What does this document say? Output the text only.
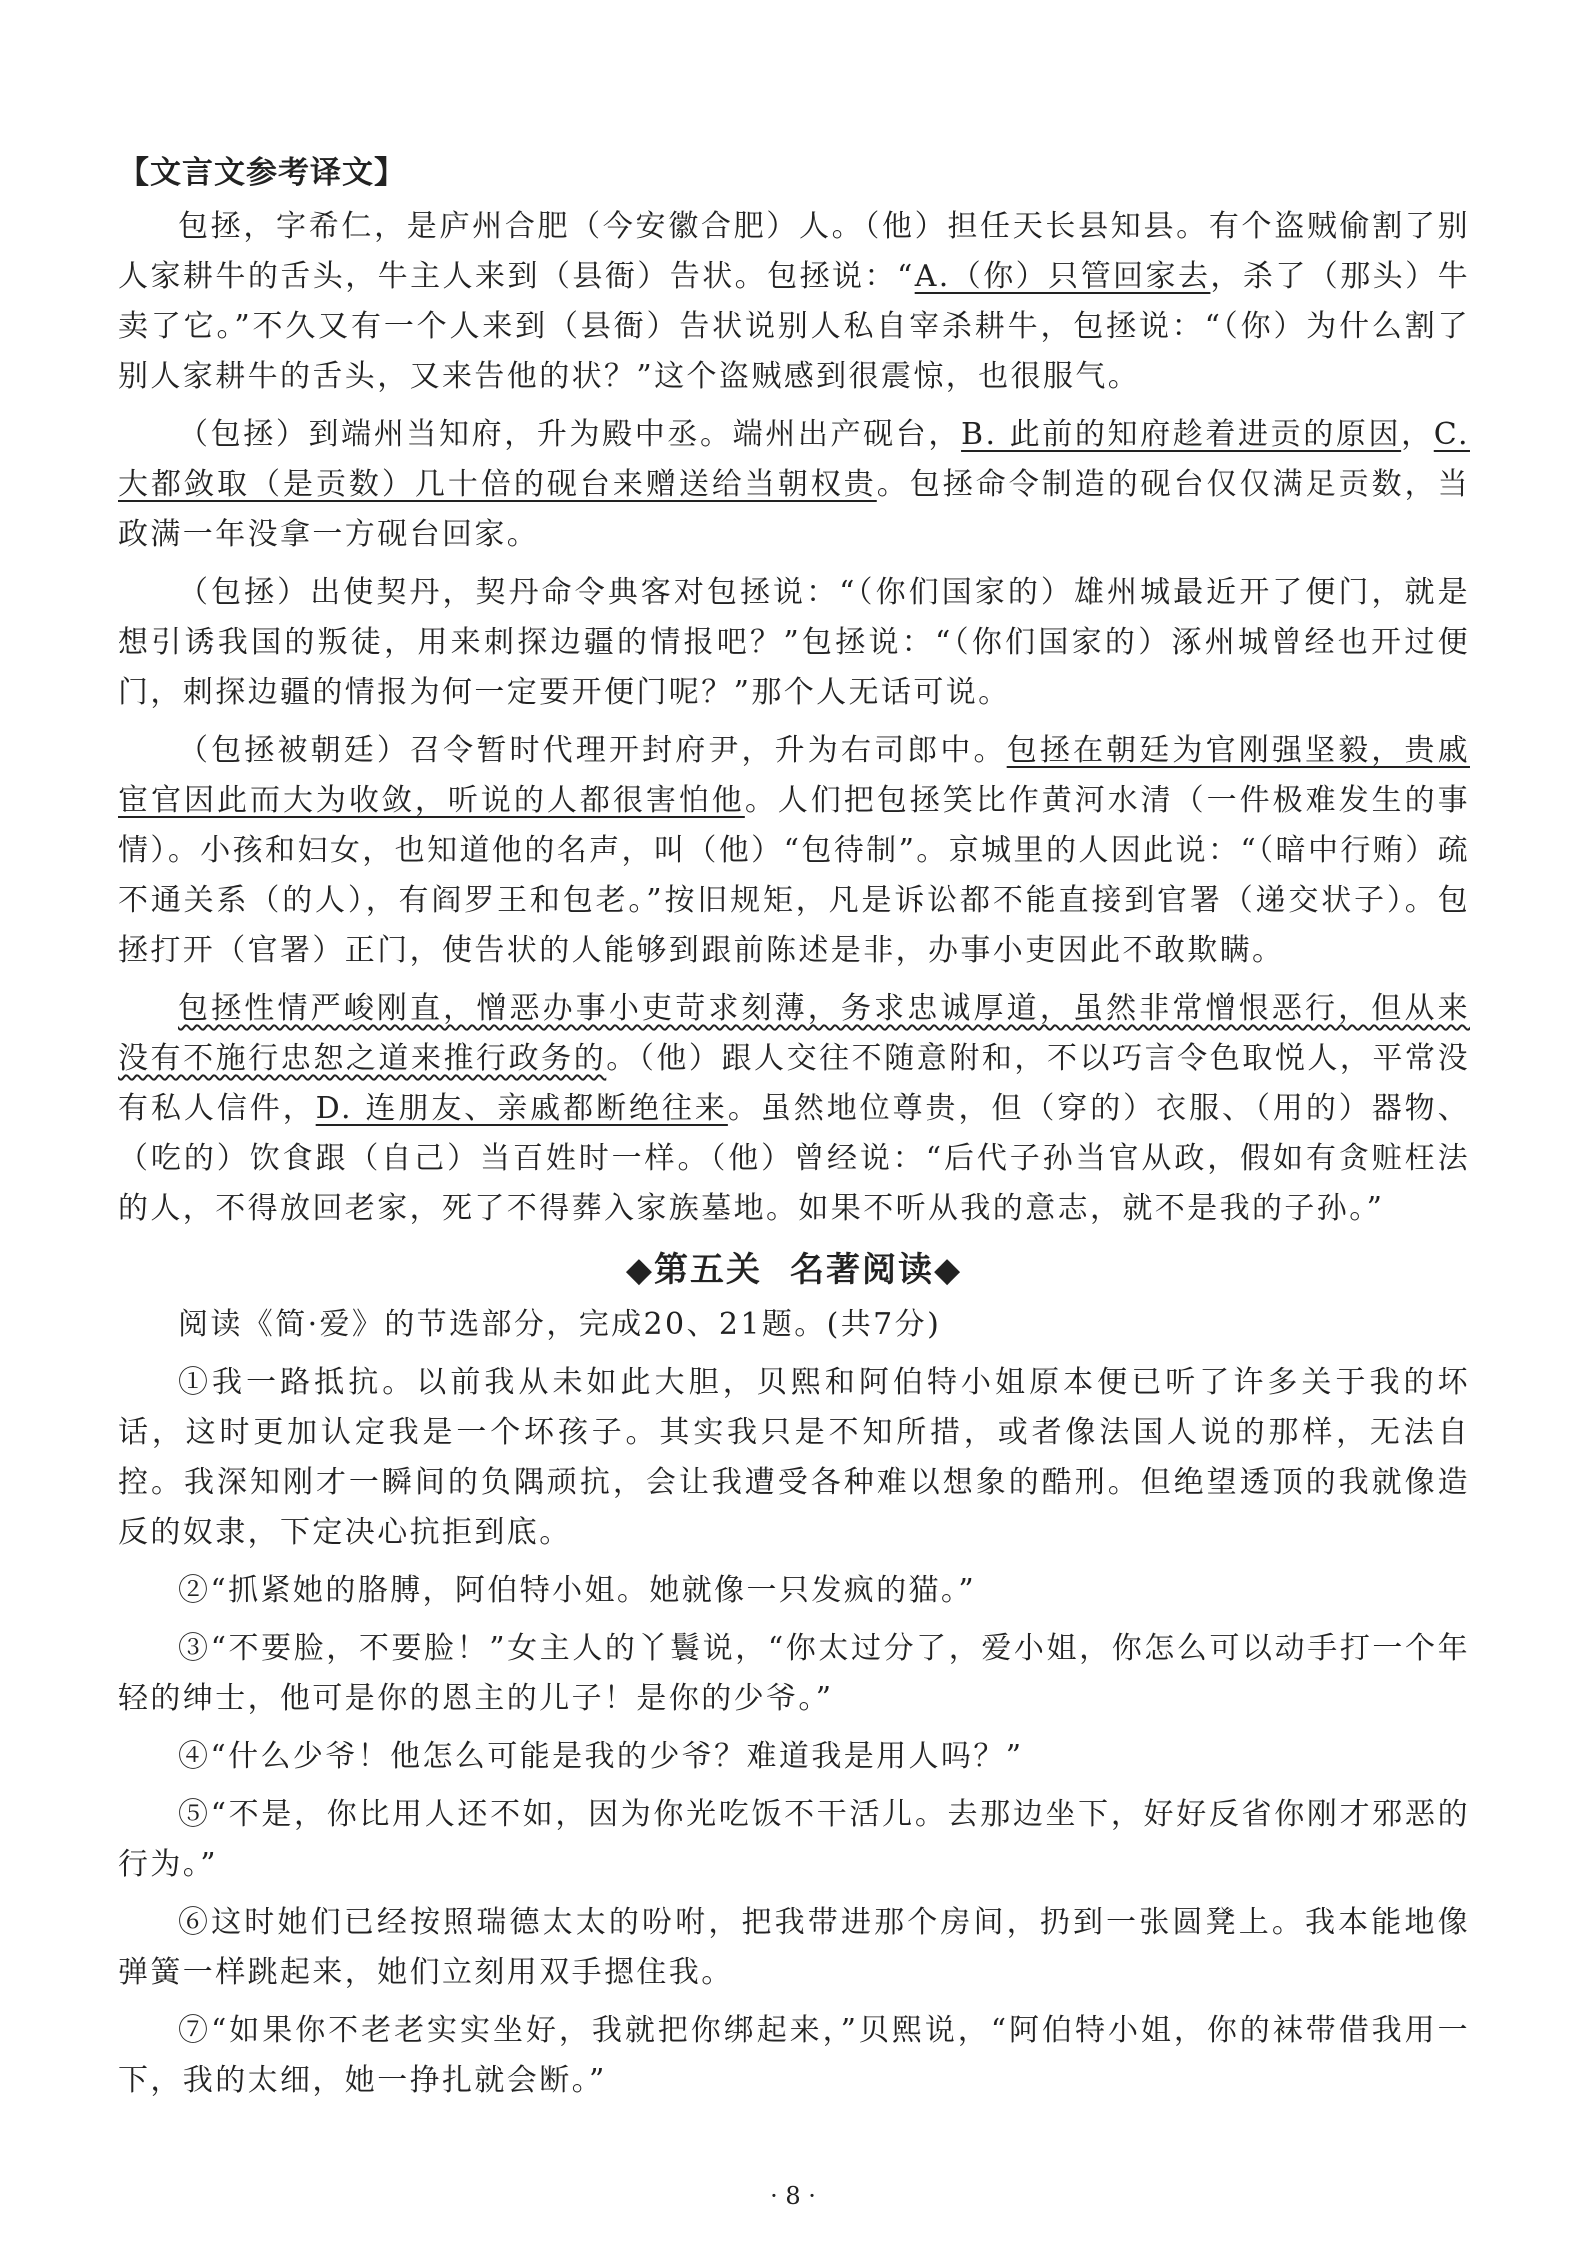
【文言文参考译文】

包拯，字希仁，是庐州合肥（今安徽合肥）人。（他）担任天长县知县。有个盗贼偷割了别人家耕牛的舌头，牛主人来到（县衙）告状。包拯说：“A.（你）只管回家去，杀了（那头）牛卖了它。”不久又有一个人来到（县衙）告状说别人私自宰杀耕牛，包拯说：“（你）为什么割了别人家耕牛的舌头，又来告他的状？”这个盗贼感到很震惊，也很服气。

（包拯）到端州当知府，升为殿中丞。端州出产砚台，B. 此前的知府趁着进贡的原因，C. 大都敛取（是贡数）几十倍的砚台来赠送给当朝权贵。包拯命令制造的砚台仅仅满足贡数，当政满一年没拿一方砚台回家。

（包拯）出使契丹，契丹命令典客对包拯说：“（你们国家的）雄州城最近开了便门，就是想引诱我国的叛徒，用来刺探边疆的情报吧？”包拯说：“（你们国家的）涿州城曾经也开过便门，刺探边疆的情报为何一定要开便门呢？”那个人无话可说。

（包拯被朝廷）召令暂时代理开封府尹，升为右司郎中。包拯在朝廷为官刚强坚毅，贵戚宦官因此而大为收敛，听说的人都很害怕他。人们把包拯笑比作黄河水清（一件极难发生的事情）。小孩和妇女，也知道他的名声，叫（他）“包待制”。京城里的人因此说：“（暗中行贿）疏不通关系（的人），有阎罗王和包老。”按旧规矩，凡是诉讼都不能直接到官署（递交状子）。包拯打开（官署）正门，使告状的人能够到跟前陈述是非，办事小吏因此不敢欺瞒。

包拯性情严峻刚直，憎恶办事小吏苛求刻薄，务求忠诚厚道，虽然非常憎恨恶行，但从来没有不施行忠恕之道来推行政务的。（他）跟人交往不随意附和，不以巧言令色取悦人，平常没有私人信件，D. 连朋友、亲戚都断绝往来。虽然地位尊贵，但（穿的）衣服、（用的）器物、（吃的）饮食跟（自己）当百姓时一样。（他）曾经说：“后代子孙当官从政，假如有贪赃枉法的人，不得放回老家，死了不得葬入家族墓地。如果不听从我的意志，就不是我的子孙。”

◆第五关 名著阅读◆

阅读《简·爱》的节选部分，完成20、21题。(共7分)

①我一路抵抗。以前我从未如此大胆，贝熙和阿伯特小姐原本便已听了许多关于我的坏话，这时更加认定我是一个坏孩子。其实我只是不知所措，或者像法国人说的那样，无法自控。我深知刚才一瞬间的负隅顽抗，会让我遭受各种难以想象的酷刑。但绝望透顶的我就像造反的奴隶，下定决心抗拒到底。

②“抓紧她的胳膊，阿伯特小姐。她就像一只发疯的猫。”

③“不要脸，不要脸！”女主人的丫鬟说，“你太过分了，爱小姐，你怎么可以动手打一个年轻的绅士，他可是你的恩主的儿子！是你的少爷。”

④“什么少爷！他怎么可能是我的少爷？难道我是用人吗？”

⑤“不是，你比用人还不如，因为你光吃饭不干活儿。去那边坐下，好好反省你刚才邪恶的行为。”

⑥这时她们已经按照瑞德太太的吩咐，把我带进那个房间，扔到一张圆凳上。我本能地像弹簧一样跳起来，她们立刻用双手摁住我。

⑦“如果你不老老实实坐好，我就把你绑起来，”贝熙说，“阿伯特小姐，你的袜带借我用一下，我的太细，她一挣扎就会断。”

· 8 ·
